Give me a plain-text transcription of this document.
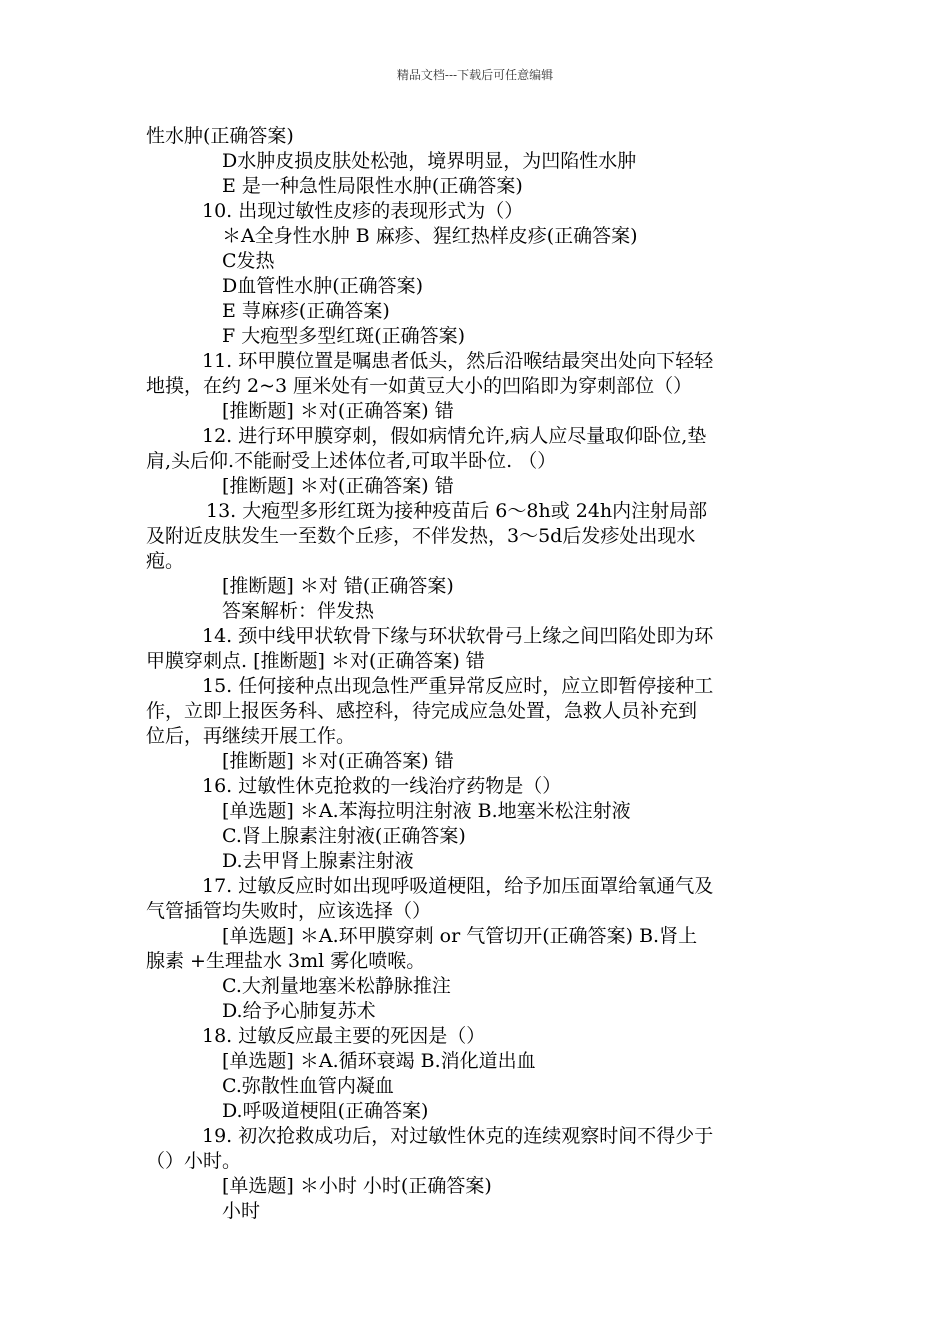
精品文档---下载后可任意编辑
性水肿(正确答案)
D水肿皮损皮肤处松弛，境界明显，为凹陷性水肿
E 是一种急性局限性水肿(正确答案)
10. 出现过敏性皮疹的表现形式为（）
＊A全身性水肿 B 麻疹、猩红热样皮疹(正确答案)
C发热
D血管性水肿(正确答案)
E 荨麻疹(正确答案)
F 大疱型多型红斑(正确答案)
11. 环甲膜位置是嘱患者低头，然后沿喉结最突出处向下轻轻
地摸，在约 2~3 厘米处有一如黄豆大小的凹陷即为穿刺部位（）
[推断题] ＊对(正确答案) 错
12. 进行环甲膜穿刺，假如病情允许,病人应尽量取仰卧位,垫
肩,头后仰.不能耐受上述体位者,可取半卧位. （）
[推断题] ＊对(正确答案) 错
13. 大疱型多形红斑为接种疫苗后 6～8h或 24h内注射局部
及附近皮肤发生一至数个丘疹，不伴发热，3～5d后发疹处出现水
疱。
[推断题] ＊对 错(正确答案)
答案解析：伴发热
14. 颈中线甲状软骨下缘与环状软骨弓上缘之间凹陷处即为环
甲膜穿刺点. [推断题] ＊对(正确答案) 错
15. 任何接种点出现急性严重异常反应时，应立即暂停接种工
作，立即上报医务科、感控科，待完成应急处置，急救人员补充到
位后，再继续开展工作。
[推断题] ＊对(正确答案) 错
16. 过敏性休克抢救的一线治疗药物是（）
[单选题] ＊A.苯海拉明注射液 B.地塞米松注射液
C.肾上腺素注射液(正确答案)
D.去甲肾上腺素注射液
17. 过敏反应时如出现呼吸道梗阻，给予加压面罩给氧通气及
气管插管均失败时，应该选择（）
[单选题] ＊A.环甲膜穿刺 or 气管切开(正确答案) B.肾上
腺素 +生理盐水 3ml 雾化喷喉。
C.大剂量地塞米松静脉推注
D.给予心肺复苏术
18. 过敏反应最主要的死因是（）
[单选题] ＊A.循环衰竭 B.消化道出血
C.弥散性血管内凝血
D.呼吸道梗阻(正确答案)
19. 初次抢救成功后，对过敏性休克的连续观察时间不得少于
（）小时。
[单选题] ＊小时 小时(正确答案)
小时
